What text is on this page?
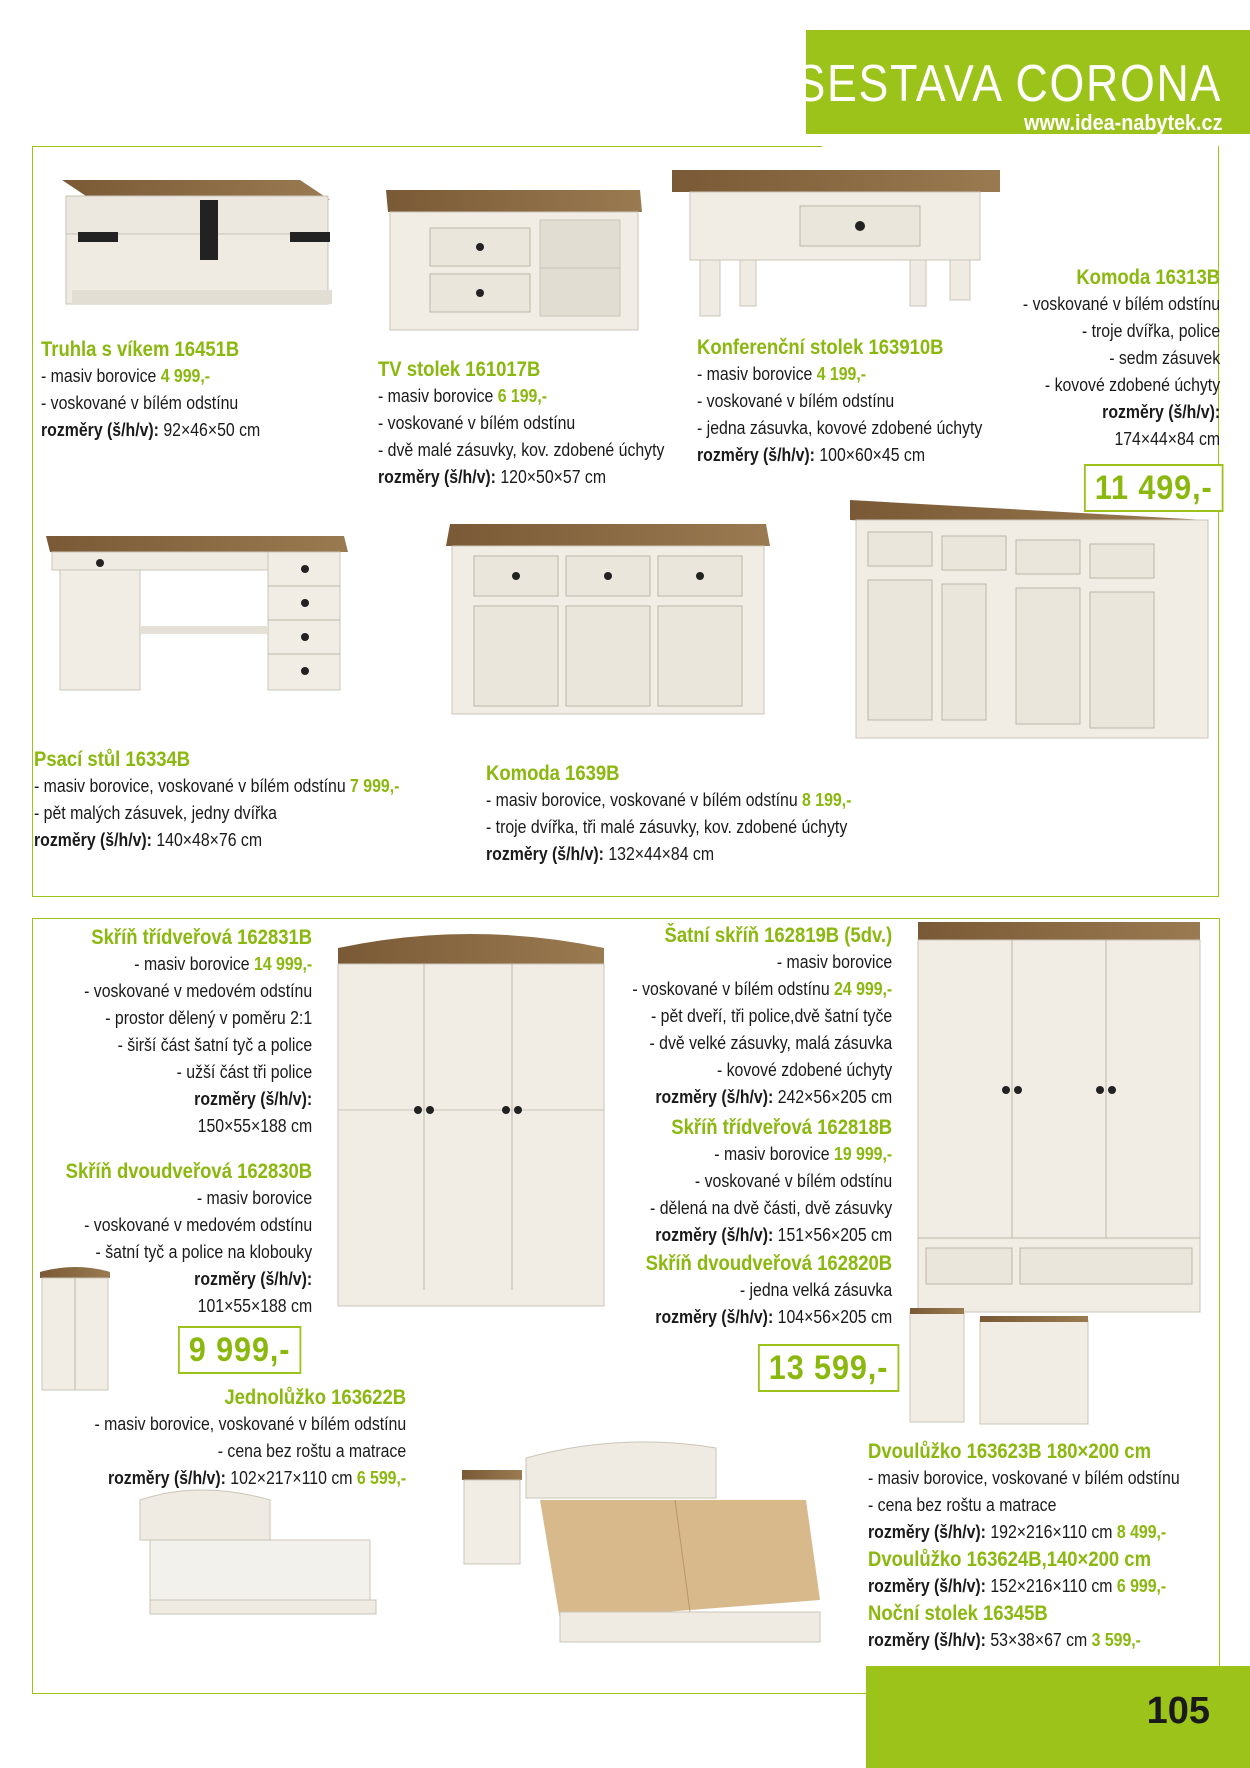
SESTAVA CORONA
www.idea-nabytek.cz
Truhla s víkem 16451B
- masiv borovice 4 999,-
- voskované v bílém odstínu
rozměry (š/h/v): 92×46×50 cm
TV stolek 161017B
- masiv borovice 6 199,-
- voskované v bílém odstínu
- dvě malé zásuvky, kov. zdobené úchyty
rozměry (š/h/v): 120×50×57 cm
Konferenční stolek 163910B
- masiv borovice 4 199,-
- voskované v bílém odstínu
- jedna zásuvka, kovové zdobené úchyty
rozměry (š/h/v): 100×60×45 cm
Komoda 16313B
- voskované v bílém odstínu
- troje dvířka, police
- sedm zásuvek
- kovové zdobené úchyty
rozměry (š/h/v):
174×44×84 cm
11 499,-
Psací stůl 16334B
- masiv borovice, voskované v bílém odstínu 7 999,-
- pět malých zásuvek, jedny dvířka
rozměry (š/h/v): 140×48×76 cm
Komoda 1639B
- masiv borovice, voskované v bílém odstínu 8 199,-
- troje dvířka, tři malé zásuvky, kov. zdobené úchyty
rozměry (š/h/v): 132×44×84 cm
Skříň třídveřová 162831B
- masiv borovice 14 999,-
- voskované v medovém odstínu
- prostor dělený v poměru 2:1
- širší část šatní tyč a police
- užší část tři police
rozměry (š/h/v):
150×55×188 cm
Skříň dvoudveřová 162830B
- masiv borovice
- voskované v medovém odstínu
- šatní tyč a police na klobouky
rozměry (š/h/v):
101×55×188 cm
9 999,-
Jednolůžko 163622B
- masiv borovice, voskované v bílém odstínu
- cena bez roštu a matrace
rozměry (š/h/v): 102×217×110 cm 6 599,-
Šatní skříň 162819B (5dv.)
- masiv borovice
- voskované v bílém odstínu 24 999,-
- pět dveří, tři police,dvě šatní tyče
- dvě velké zásuvky, malá zásuvka
- kovové zdobené úchyty
rozměry (š/h/v): 242×56×205 cm
Skříň třídveřová 162818B
- masiv borovice 19 999,-
- voskované v bílém odstínu
- dělená na dvě části, dvě zásuvky
rozměry (š/h/v): 151×56×205 cm
Skříň dvoudveřová 162820B
- jedna velká zásuvka
rozměry (š/h/v): 104×56×205 cm
13 599,-
Dvoulůžko 163623B 180×200 cm
- masiv borovice, voskované v bílém odstínu
- cena bez roštu a matrace
rozměry (š/h/v): 192×216×110 cm 8 499,-
Dvoulůžko 163624B,140×200 cm
rozměry (š/h/v): 152×216×110 cm 6 999,-
Noční stolek 16345B
rozměry (š/h/v): 53×38×67 cm 3 599,-
105
